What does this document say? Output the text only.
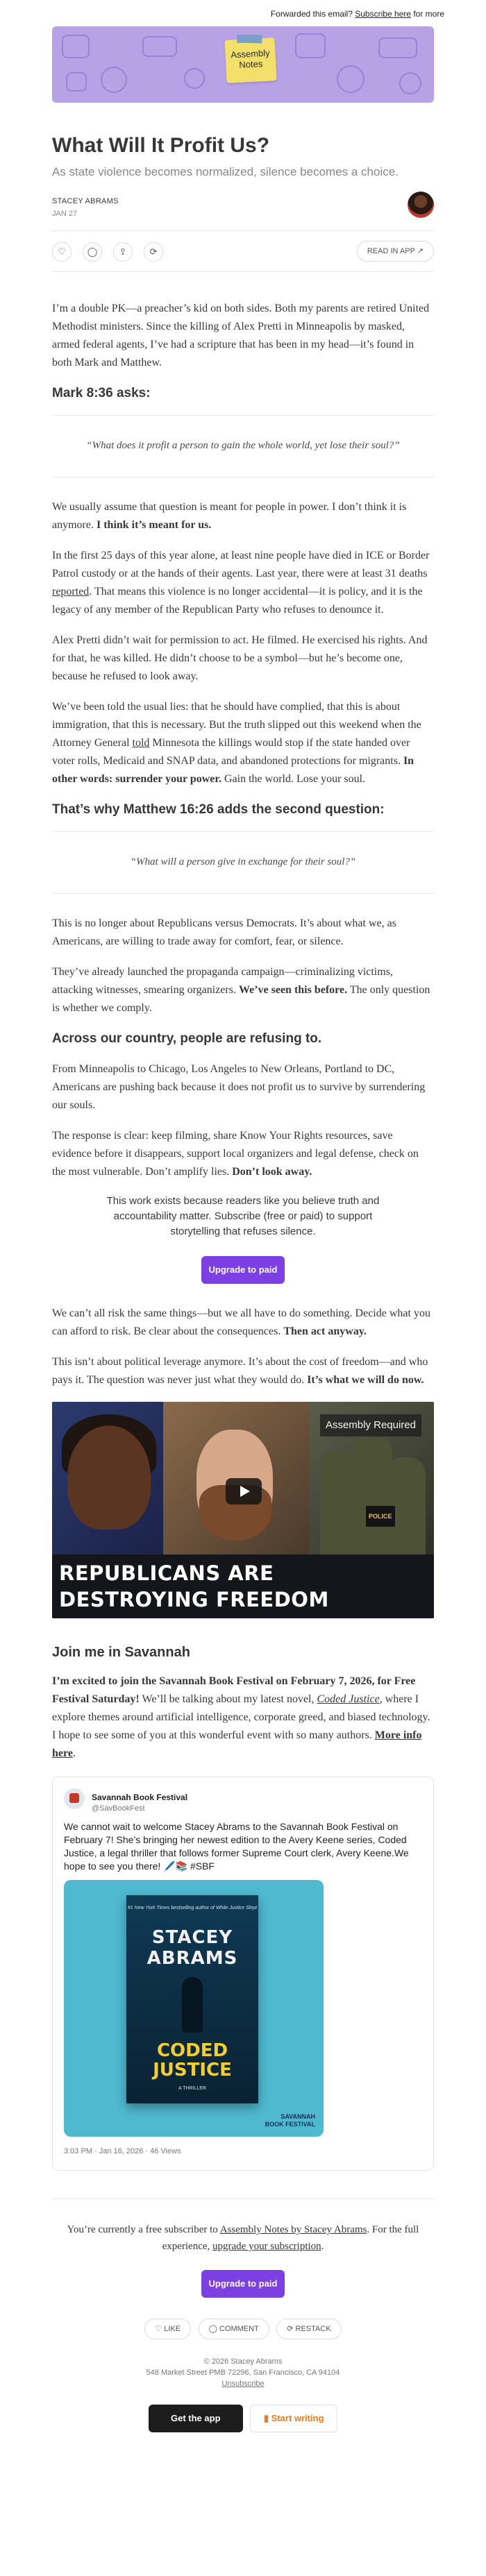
Forwarded this email? Subscribe here for more
Assembly
Notes
What Will It Profit Us?
As state violence becomes normalized, silence becomes a choice.
STACEY ABRAMS
JAN 27
♡	◯	⇪	⟳	READ IN APP ↗

I’m a double PK—a preacher’s kid on both sides. Both my parents are retired United Methodist ministers. Since the killing of Alex Pretti in Minneapolis by masked, armed federal agents, I’ve had a scripture that has been in my head—it’s found in both Mark and Matthew.

Mark 8:36 asks:
“What does it profit a person to gain the whole world, yet lose their soul?”

We usually assume that question is meant for people in power. I don’t think it is anymore. I think it’s meant for us.

In the first 25 days of this year alone, at least nine people have died in ICE or Border Patrol custody or at the hands of their agents. Last year, there were at least 31 deaths reported. That means this violence is no longer accidental—it is policy, and it is the legacy of any member of the Republican Party who refuses to denounce it.

Alex Pretti didn’t wait for permission to act. He filmed. He exercised his rights. And for that, he was killed. He didn’t choose to be a symbol—but he’s become one, because he refused to look away.

We’ve been told the usual lies: that he should have complied, that this is about immigration, that this is necessary. But the truth slipped out this weekend when the Attorney General told Minnesota the killings would stop if the state handed over voter rolls, Medicaid and SNAP data, and abandoned protections for migrants. In other words: surrender your power. Gain the world. Lose your soul.

That’s why Matthew 16:26 adds the second question:
“What will a person give in exchange for their soul?”

This is no longer about Republicans versus Democrats. It’s about what we, as Americans, are willing to trade away for comfort, fear, or silence.

They’ve already launched the propaganda campaign—criminalizing victims, attacking witnesses, smearing organizers. We’ve seen this before. The only question is whether we comply.

Across our country, people are refusing to.

From Minneapolis to Chicago, Los Angeles to New Orleans, Portland to DC, Americans are pushing back because it does not profit us to survive by surrendering our souls.

The response is clear: keep filming, share Know Your Rights resources, save evidence before it disappears, support local organizers and legal defense, check on the most vulnerable. Don’t amplify lies. Don’t look away.

This work exists because readers like you believe truth and accountability matter. Subscribe (free or paid) to support storytelling that refuses silence.
Upgrade to paid

We can’t all risk the same things—but we all have to do something. Decide what you can afford to risk. Be clear about the consequences. Then act anyway.

This isn’t about political leverage anymore. It’s about the cost of freedom—and who pays it. The question was never just what they would do. It’s what we will do now.

Assembly Required
POLICE
REPUBLICANS ARE
DESTROYING FREEDOM
Join me in Savannah

I’m excited to join the Savannah Book Festival on February 7, 2026, for Free Festival Saturday! We’ll be talking about my latest novel, Coded Justice, where I explore themes around artificial intelligence, corporate greed, and biased technology. I hope to see some of you at this wonderful event with so many authors. More info here.

Savannah Book Festival
@SavBookFest
We cannot wait to welcome Stacey Abrams to the Savannah Book Festival on February 7! She’s bringing her newest edition to the Avery Keene series, Coded Justice, a legal thriller that follows former Supreme Court clerk, Avery Keene.We hope to see you there! 🖊️📚 #SBF
#1 New York Times bestselling author of While Justice Slept
STACEY
ABRAMS
CODED
JUSTICE
A THRILLER
SAVANNAH
BOOK FESTIVAL
3:03 PM · Jan 16, 2026 · 46 Views
You’re currently a free subscriber to Assembly Notes by Stacey Abrams. For the full experience, upgrade your subscription.
Upgrade to paid
♡ LIKE	◯ COMMENT	⟳ RESTACK
© 2026 Stacey Abrams
548 Market Street PMB 72296, San Francisco, CA 94104
Unsubscribe
Get the app	▮ Start writing
